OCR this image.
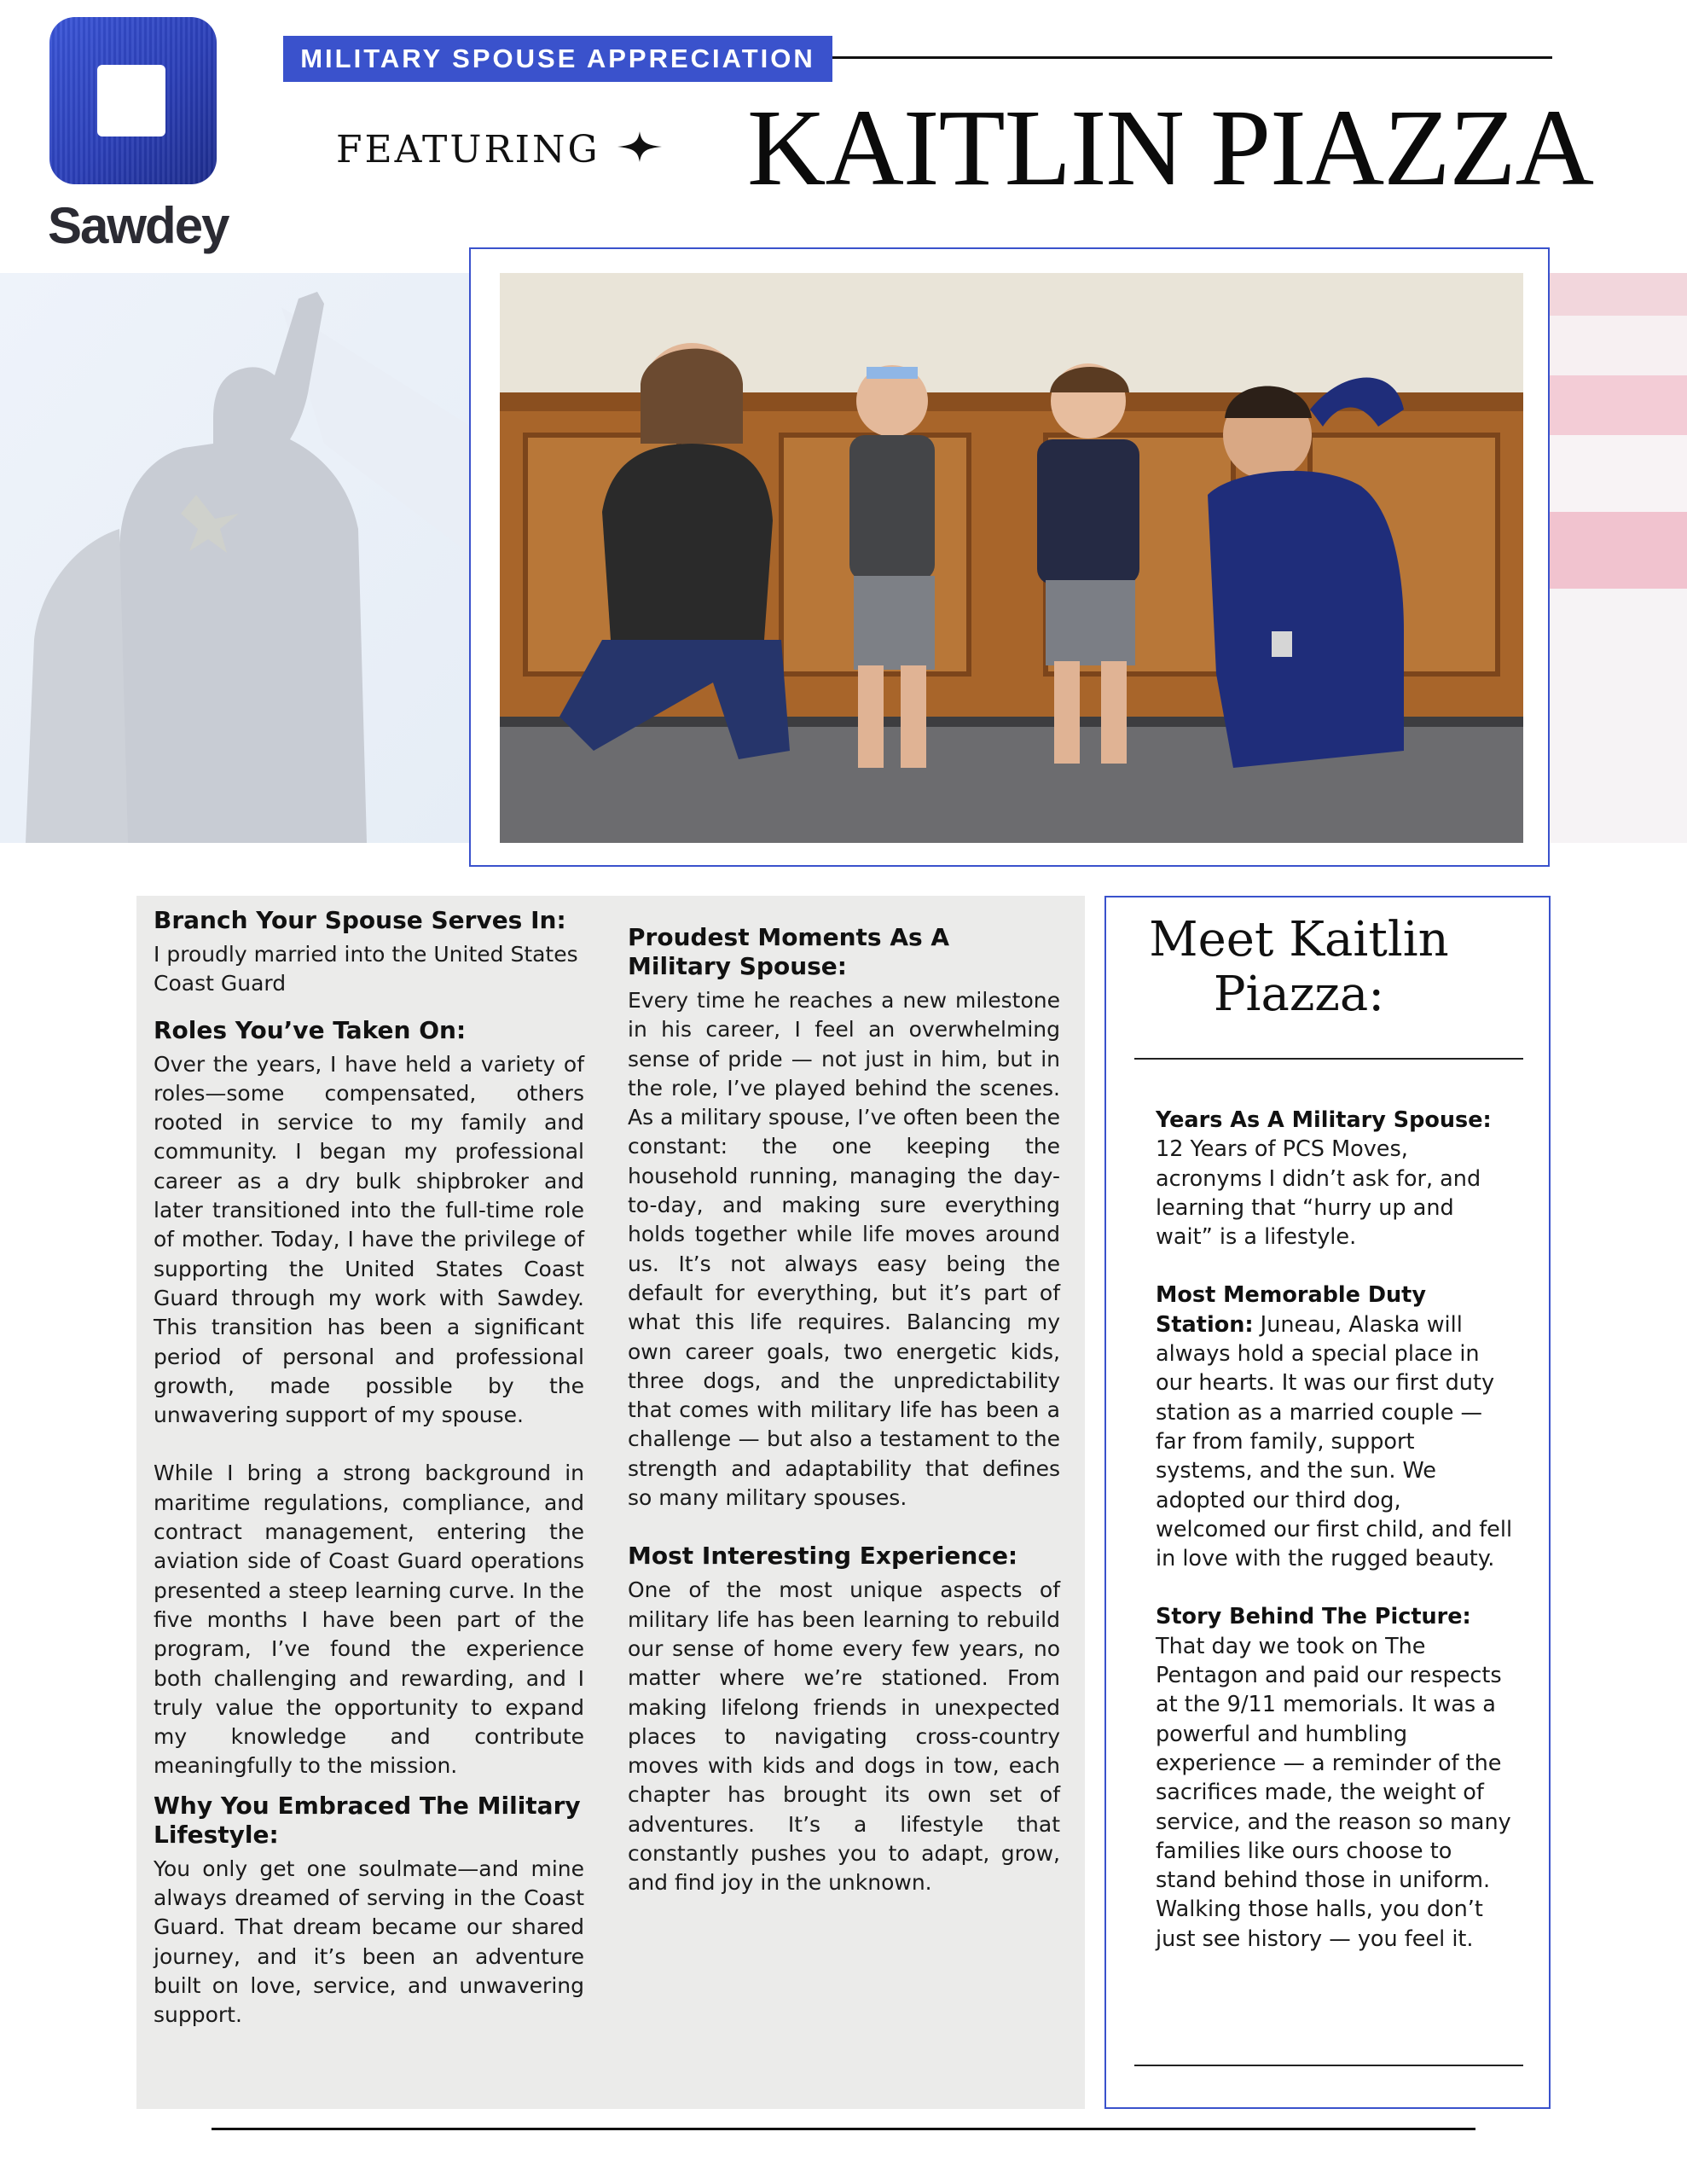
Sawdey
MILITARY SPOUSE APPRECIATION
FEATURING KAITLIN PIAZZA
Branch Your Spouse Serves In:

I proudly married into the United States Coast Guard

Roles You’ve Taken On:

Over the years, I have held a variety of roles—some compensated, others rooted in service to my family and community. I began my professional career as a dry bulk shipbroker and later transitioned into the full-time role of mother. Today, I have the privilege of supporting the United States Coast Guard through my work with Sawdey. This transition has been a significant period of personal and professional growth, made possible by the unwavering support of my spouse.

While I bring a strong background in maritime regulations, compliance, and contract management, entering the aviation side of Coast Guard operations presented a steep learning curve. In the five months I have been part of the program, I’ve found the experience both challenging and rewarding, and I truly value the opportunity to expand my knowledge and contribute meaningfully to the mission.

Why You Embraced The Military Lifestyle:

You only get one soulmate—and mine always dreamed of serving in the Coast Guard. That dream became our shared journey, and it’s been an adventure built on love, service, and unwavering support.

Proudest Moments As A Military Spouse:

Every time he reaches a new milestone in his career, I feel an overwhelming sense of pride — not just in him, but in the role, I’ve played behind the scenes. As a military spouse, I’ve often been the constant: the one keeping the household running, managing the day-to-day, and making sure everything holds together while life moves around us. It’s not always easy being the default for everything, but it’s part of what this life requires. Balancing my own career goals, two energetic kids, three dogs, and the unpredictability that comes with military life has been a challenge — but also a testament to the strength and adaptability that defines so many military spouses.

Most Interesting Experience:

One of the most unique aspects of military life has been learning to rebuild our sense of home every few years, no matter where we’re stationed. From making lifelong friends in unexpected places to navigating cross-country moves with kids and dogs in tow, each chapter has brought its own set of adventures. It’s a lifestyle that constantly pushes you to adapt, grow, and find joy in the unknown.

Meet Kaitlin Piazza:

Years As A Military Spouse: 12 Years of PCS Moves, acronyms I didn’t ask for, and learning that “hurry up and wait” is a lifestyle.

Most Memorable Duty Station: Juneau, Alaska will always hold a special place in our hearts. It was our first duty station as a married couple — far from family, support systems, and the sun. We adopted our third dog, welcomed our first child, and fell in love with the rugged beauty.

Story Behind The Picture:
That day we took on The Pentagon and paid our respects at the 9/11 memorials. It was a powerful and humbling experience — a reminder of the sacrifices made, the weight of service, and the reason so many families like ours choose to stand behind those in uniform. Walking those halls, you don’t just see history — you feel it.
